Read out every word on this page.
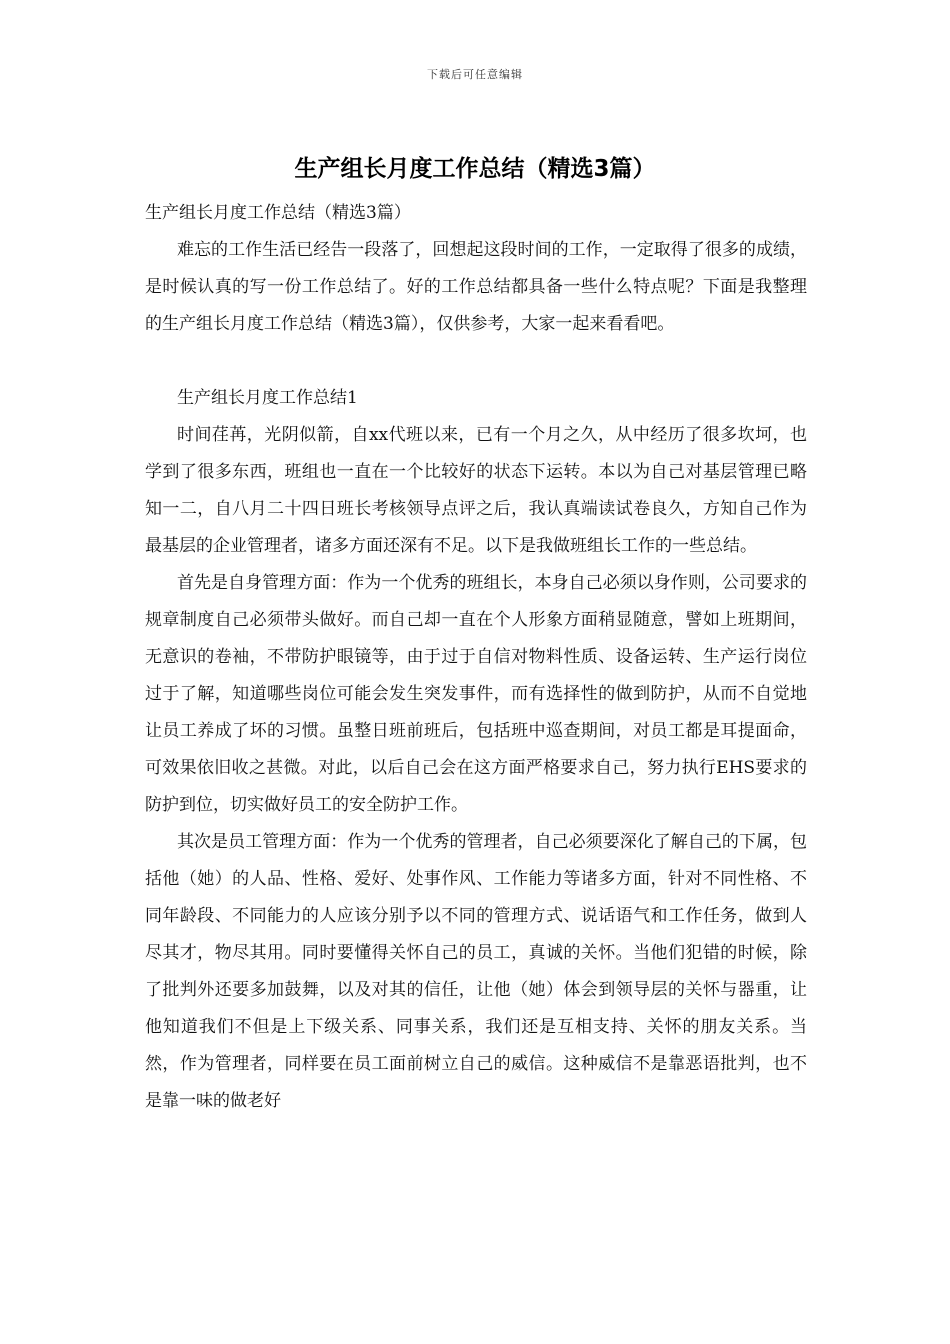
下载后可任意编辑
生产组长月度工作总结（精选3篇）

生产组长月度工作总结（精选3篇）

难忘的工作生活已经告一段落了，回想起这段时间的工作，一定取得了很多的成绩，是时候认真的写一份工作总结了。好的工作总结都具备一些什么特点呢？下面是我整理的生产组长月度工作总结（精选3篇），仅供参考，大家一起来看看吧。

生产组长月度工作总结1

时间荏苒，光阴似箭，自xx代班以来，已有一个月之久，从中经历了很多坎坷，也学到了很多东西，班组也一直在一个比较好的状态下运转。本以为自己对基层管理已略知一二，自八月二十四日班长考核领导点评之后，我认真端读试卷良久，方知自己作为最基层的企业管理者，诸多方面还深有不足。以下是我做班组长工作的一些总结。

首先是自身管理方面：作为一个优秀的班组长，本身自己必须以身作则，公司要求的规章制度自己必须带头做好。而自己却一直在个人形象方面稍显随意，譬如上班期间，无意识的卷袖，不带防护眼镜等，由于过于自信对物料性质、设备运转、生产运行岗位过于了解，知道哪些岗位可能会发生突发事件，而有选择性的做到防护，从而不自觉地让员工养成了坏的习惯。虽整日班前班后，包括班中巡查期间，对员工都是耳提面命，可效果依旧收之甚微。对此，以后自己会在这方面严格要求自己，努力执行EHS要求的防护到位，切实做好员工的安全防护工作。

其次是员工管理方面：作为一个优秀的管理者，自己必须要深化了解自己的下属，包括他（她）的人品、性格、爱好、处事作风、工作能力等诸多方面，针对不同性格、不同年龄段、不同能力的人应该分别予以不同的管理方式、说话语气和工作任务，做到人尽其才，物尽其用。同时要懂得关怀自己的员工，真诚的关怀。当他们犯错的时候，除了批判外还要多加鼓舞，以及对其的信任，让他（她）体会到领导层的关怀与器重，让他知道我们不但是上下级关系、同事关系，我们还是互相支持、关怀的朋友关系。当然，作为管理者，同样要在员工面前树立自己的威信。这种威信不是靠恶语批判，也不是靠一味的做老好
